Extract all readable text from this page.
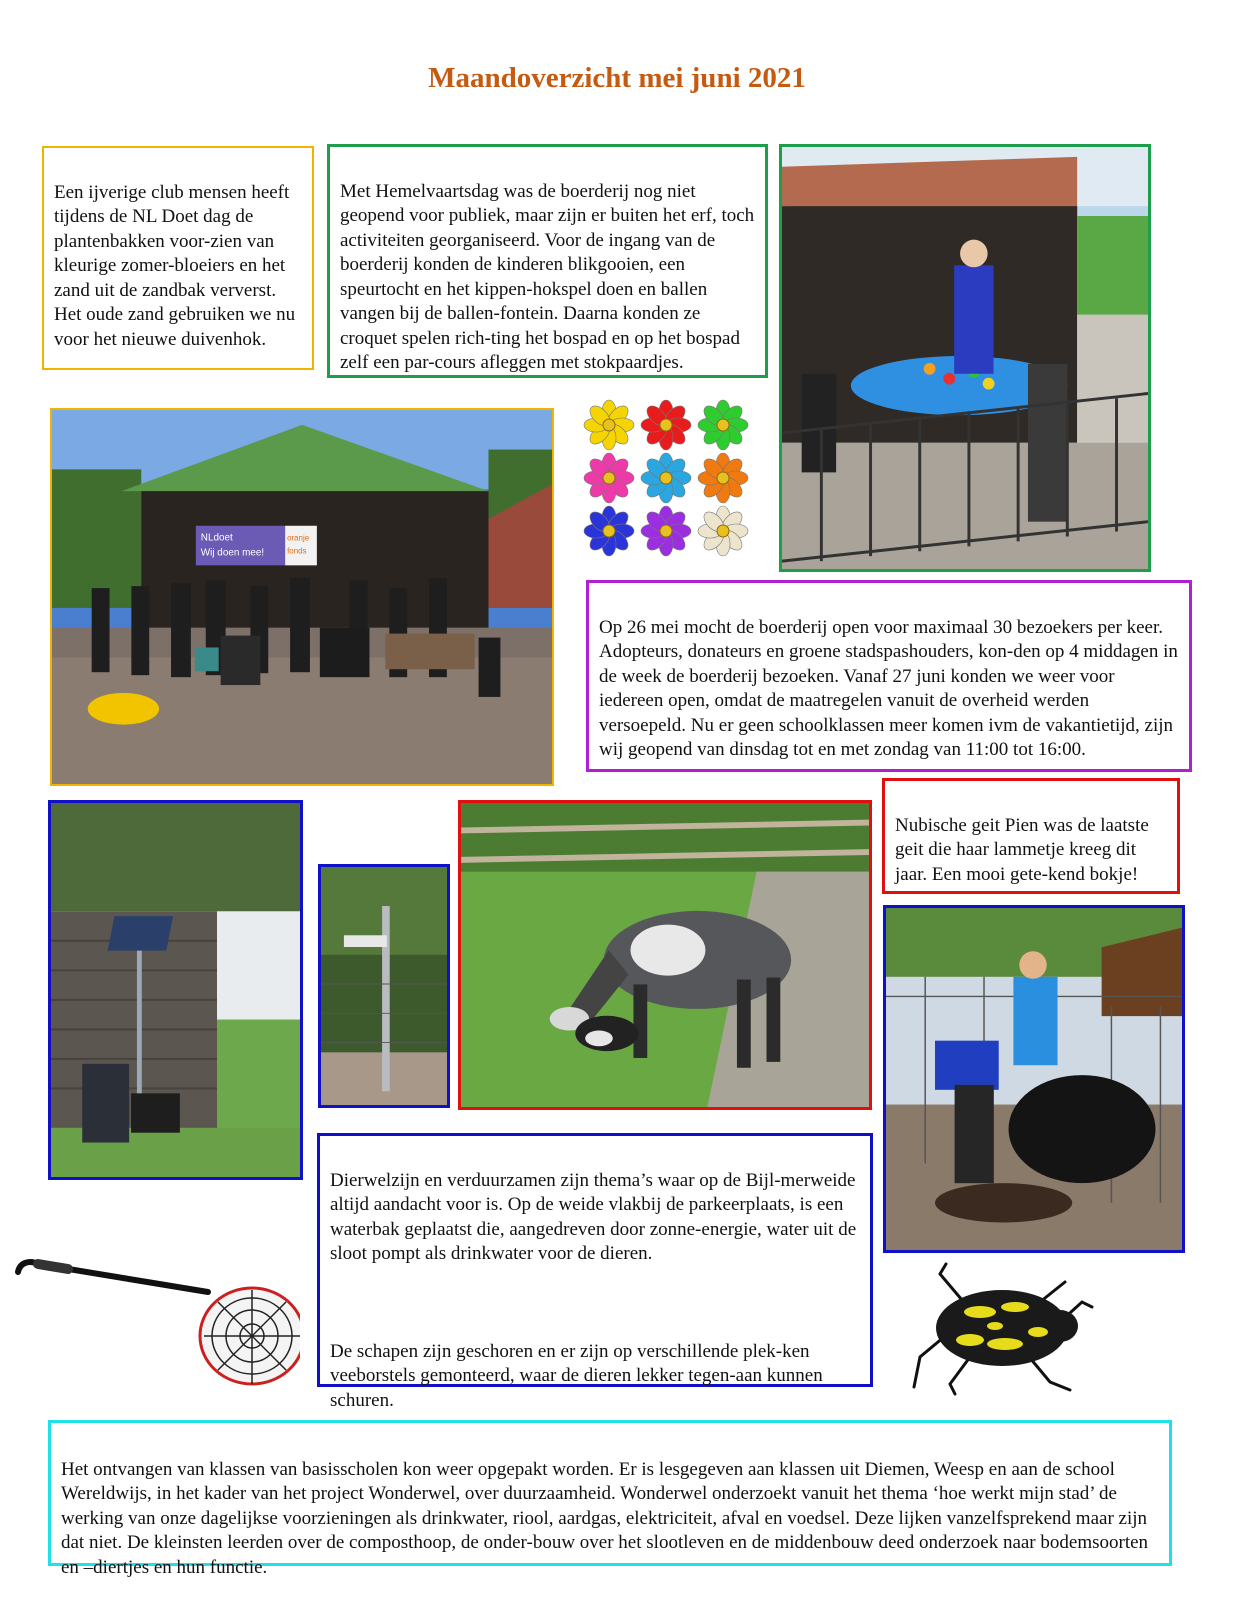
Maandoverzicht mei juni 2021

Een ijverige club mensen heeft tijdens de NL Doet dag de plantenbakken voor-zien van kleurige zomer-bloeiers en het zand uit de zandbak ververst. Het oude zand gebruiken we nu voor het nieuwe duivenhok.

Met Hemelvaartsdag was de boerderij nog niet geopend voor publiek, maar zijn er buiten het erf, toch activiteiten georganiseerd. Voor de ingang van de boerderij konden de kinderen blikgooien, een speurtocht en het kippen-hokspel doen en ballen vangen bij de ballen-fontein. Daarna konden ze croquet spelen rich-ting het bospad en op het bospad zelf een par-cours afleggen met stokpaardjes.

NLdoet
Wij doen mee!
oranje
fonds

Op 26 mei mocht de boerderij open voor maximaal 30 bezoekers per keer. Adopteurs, donateurs en groene stadspashouders, kon-den op 4 middagen in de week de boerderij bezoeken. Vanaf 27 juni konden we weer voor iedereen open, omdat de maatregelen vanuit de overheid werden versoepeld. Nu er geen schoolklassen meer komen ivm de vakantietijd, zijn wij geopend van dinsdag tot en met zondag van 11:00 tot 16:00.

Nubische geit Pien was de laatste geit die haar lammetje kreeg dit jaar. Een mooi gete-kend bokje!

Dierwelzijn en verduurzamen zijn thema’s waar op de Bijl-merweide altijd aandacht voor is. Op de weide vlakbij de parkeerplaats, is een waterbak geplaatst die, aangedreven door zonne-energie, water uit de sloot pompt als drinkwater voor de dieren.

De schapen zijn geschoren en er zijn op verschillende plek-ken veeborstels gemonteerd, waar de dieren lekker tegen-aan kunnen schuren.

Het ontvangen van klassen van basisscholen kon weer opgepakt worden. Er is lesgegeven aan klassen uit Diemen, Weesp en aan de school Wereldwijs, in het kader van het project Wonderwel, over duurzaamheid. Wonderwel onderzoekt vanuit het thema ‘hoe werkt mijn stad’ de werking van onze dagelijkse voorzieningen als drinkwater, riool, aardgas, elektriciteit, afval en voedsel. Deze lijken vanzelfsprekend maar zijn dat niet. De kleinsten leerden over de composthoop, de onder-bouw over het slootleven en de middenbouw deed onderzoek naar bodemsoorten en –diertjes en hun functie.
